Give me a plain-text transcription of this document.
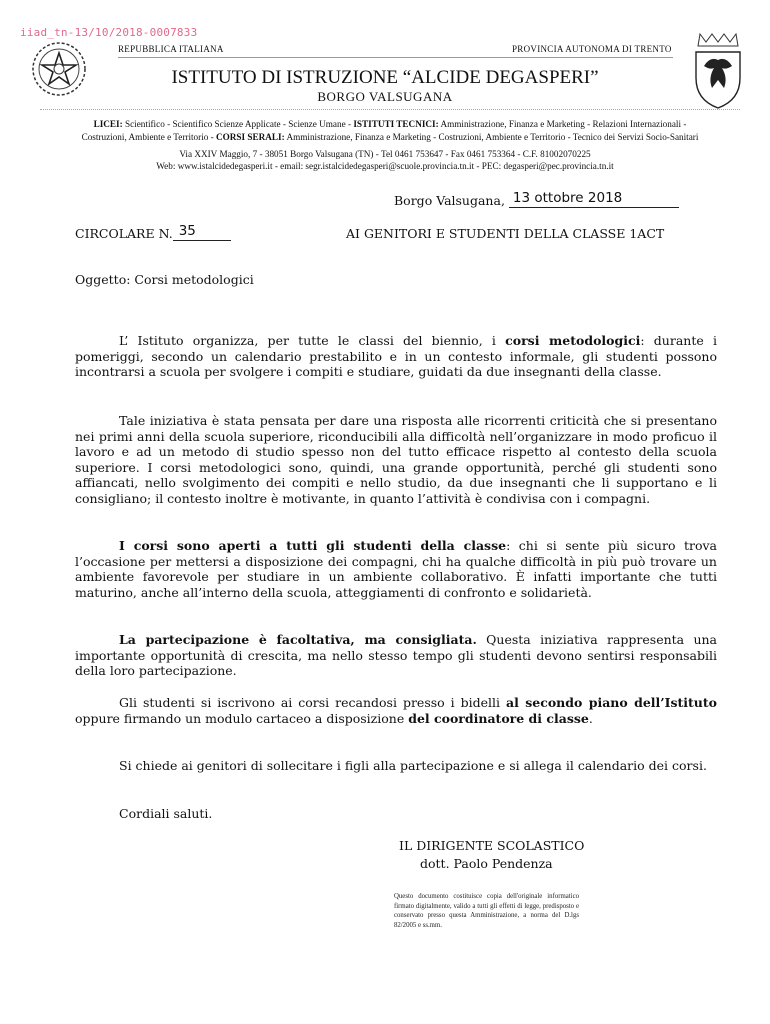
iiad_tn-13/10/2018-0007833
REPUBBLICA ITALIANA	PROVINCIA AUTONOMA DI TRENTO
ISTITUTO DI ISTRUZIONE “ALCIDE DEGASPERI”
BORGO VALSUGANA
LICEI: Scientifico - Scientifico Scienze Applicate - Scienze Umane - ISTITUTI TECNICI: Amministrazione, Finanza e Marketing - Relazioni Internazionali -
Costruzioni, Ambiente e Territorio - CORSI SERALI: Amministrazione, Finanza e Marketing - Costruzioni, Ambiente e Territorio - Tecnico dei Servizi Socio-Sanitari
Via XXIV Maggio, 7 - 38051 Borgo Valsugana (TN) - Tel 0461 753647 - Fax 0461 753364 - C.F. 81002070225
Web: www.istalcidedegasperi.it - email: segr.istalcidedegasperi@scuole.provincia.tn.it - PEC: degasperi@pec.provincia.tn.it
Borgo Valsugana, 13 ottobre 2018
CIRCOLARE N. 35	AI GENITORI E STUDENTI DELLA CLASSE 1ACT
Oggetto: Corsi metodologici
L’ Istituto organizza, per tutte le classi del biennio, i corsi metodologici: durante i pomeriggi, secondo un calendario prestabilito e in un contesto informale, gli studenti possono incontrarsi a scuola per svolgere i compiti e studiare, guidati da due insegnanti della classe.
Tale iniziativa è stata pensata per dare una risposta alle ricorrenti criticità che si presentano nei primi anni della scuola superiore, riconducibili alla difficoltà nell’organizzare in modo proficuo il lavoro e ad un metodo di studio spesso non del tutto efficace rispetto al contesto della scuola superiore. I corsi metodologici sono, quindi, una grande opportunità, perché gli studenti sono affiancati, nello svolgimento dei compiti e nello studio, da due insegnanti che li supportano e li consigliano; il contesto inoltre è motivante, in quanto l’attività è condivisa con i compagni.
I corsi sono aperti a tutti gli studenti della classe: chi si sente più sicuro trova l’occasione per mettersi a disposizione dei compagni, chi ha qualche difficoltà in più può trovare un ambiente favorevole per studiare in un ambiente collaborativo. È infatti importante che tutti maturino, anche all’interno della scuola, atteggiamenti di confronto e solidarietà.
La partecipazione è facoltativa, ma consigliata. Questa iniziativa rappresenta una importante opportunità di crescita, ma nello stesso tempo gli studenti devono sentirsi responsabili della loro partecipazione.
Gli studenti si iscrivono ai corsi recandosi presso i bidelli al secondo piano dell’Istituto oppure firmando un modulo cartaceo a disposizione del coordinatore di classe.
Si chiede ai genitori di sollecitare i figli alla partecipazione e si allega il calendario dei corsi.
Cordiali saluti.
IL DIRIGENTE SCOLASTICO
dott. Paolo Pendenza
Questo documento costituisce copia dell'originale informatico firmato digitalmente, valido a tutti gli effetti di legge, predisposto e conservato presso questa Amministrazione, a norma del D.lgs 82/2005 e ss.mm.
